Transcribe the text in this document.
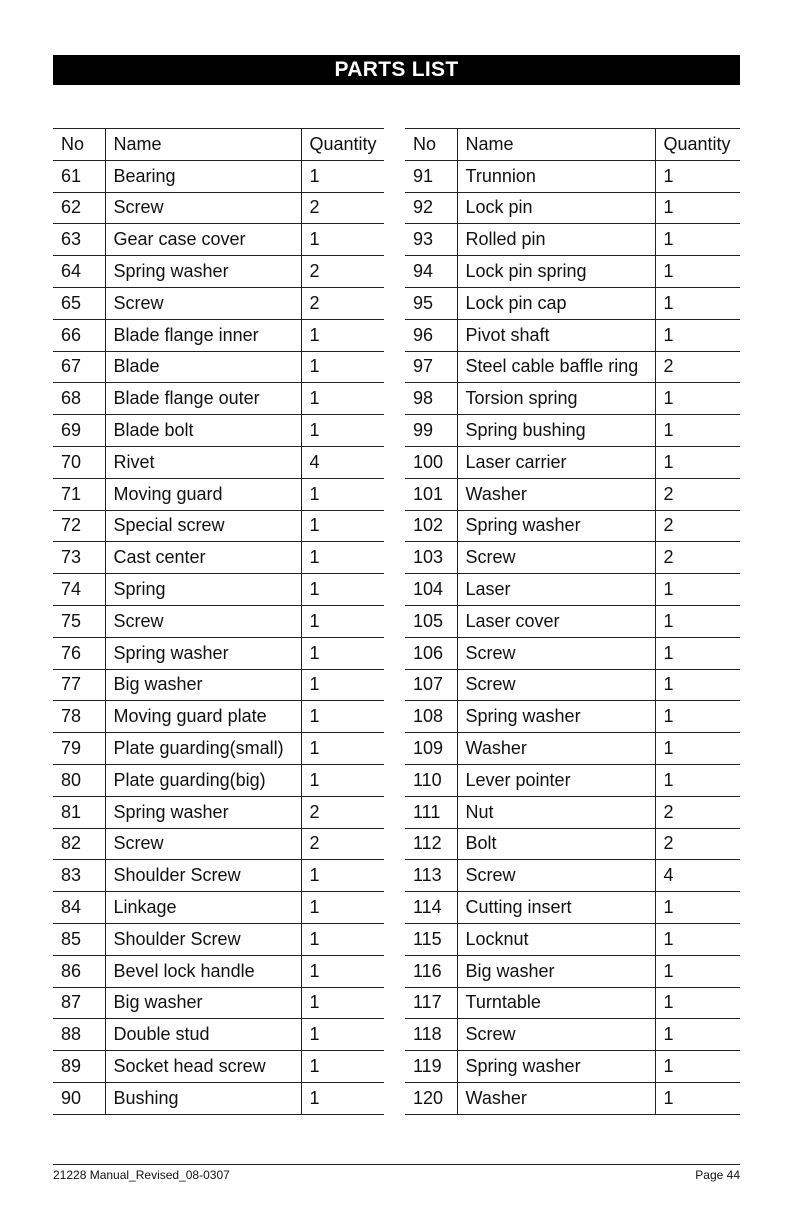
PARTS LIST
No	Name	Quantity
61	Bearing	1
62	Screw	2
63	Gear case cover	1
64	Spring washer	2
65	Screw	2
66	Blade flange inner	1
67	Blade	1
68	Blade flange outer	1
69	Blade bolt	1
70	Rivet	4
71	Moving guard	1
72	Special screw	1
73	Cast center	1
74	Spring	1
75	Screw	1
76	Spring washer	1
77	Big washer	1
78	Moving guard plate	1
79	Plate guarding(small)	1
80	Plate guarding(big)	1
81	Spring washer	2
82	Screw	2
83	Shoulder Screw	1
84	Linkage	1
85	Shoulder Screw	1
86	Bevel lock handle	1
87	Big washer	1
88	Double stud	1
89	Socket head screw	1
90	Bushing	1
No	Name	Quantity
91	Trunnion	1
92	Lock pin	1
93	Rolled pin	1
94	Lock pin spring	1
95	Lock pin cap	1
96	Pivot shaft	1
97	Steel cable baffle ring	2
98	Torsion spring	1
99	Spring bushing	1
100	Laser carrier	1
101	Washer	2
102	Spring washer	2
103	Screw	2
104	Laser	1
105	Laser cover	1
106	Screw	1
107	Screw	1
108	Spring washer	1
109	Washer	1
110	Lever pointer	1
111	Nut	2
112	Bolt	2
113	Screw	4
114	Cutting insert	1
115	Locknut	1
116	Big washer	1
117	Turntable	1
118	Screw	1
119	Spring washer	1
120	Washer	1
21228 Manual_Revised_08-0307	Page 44
